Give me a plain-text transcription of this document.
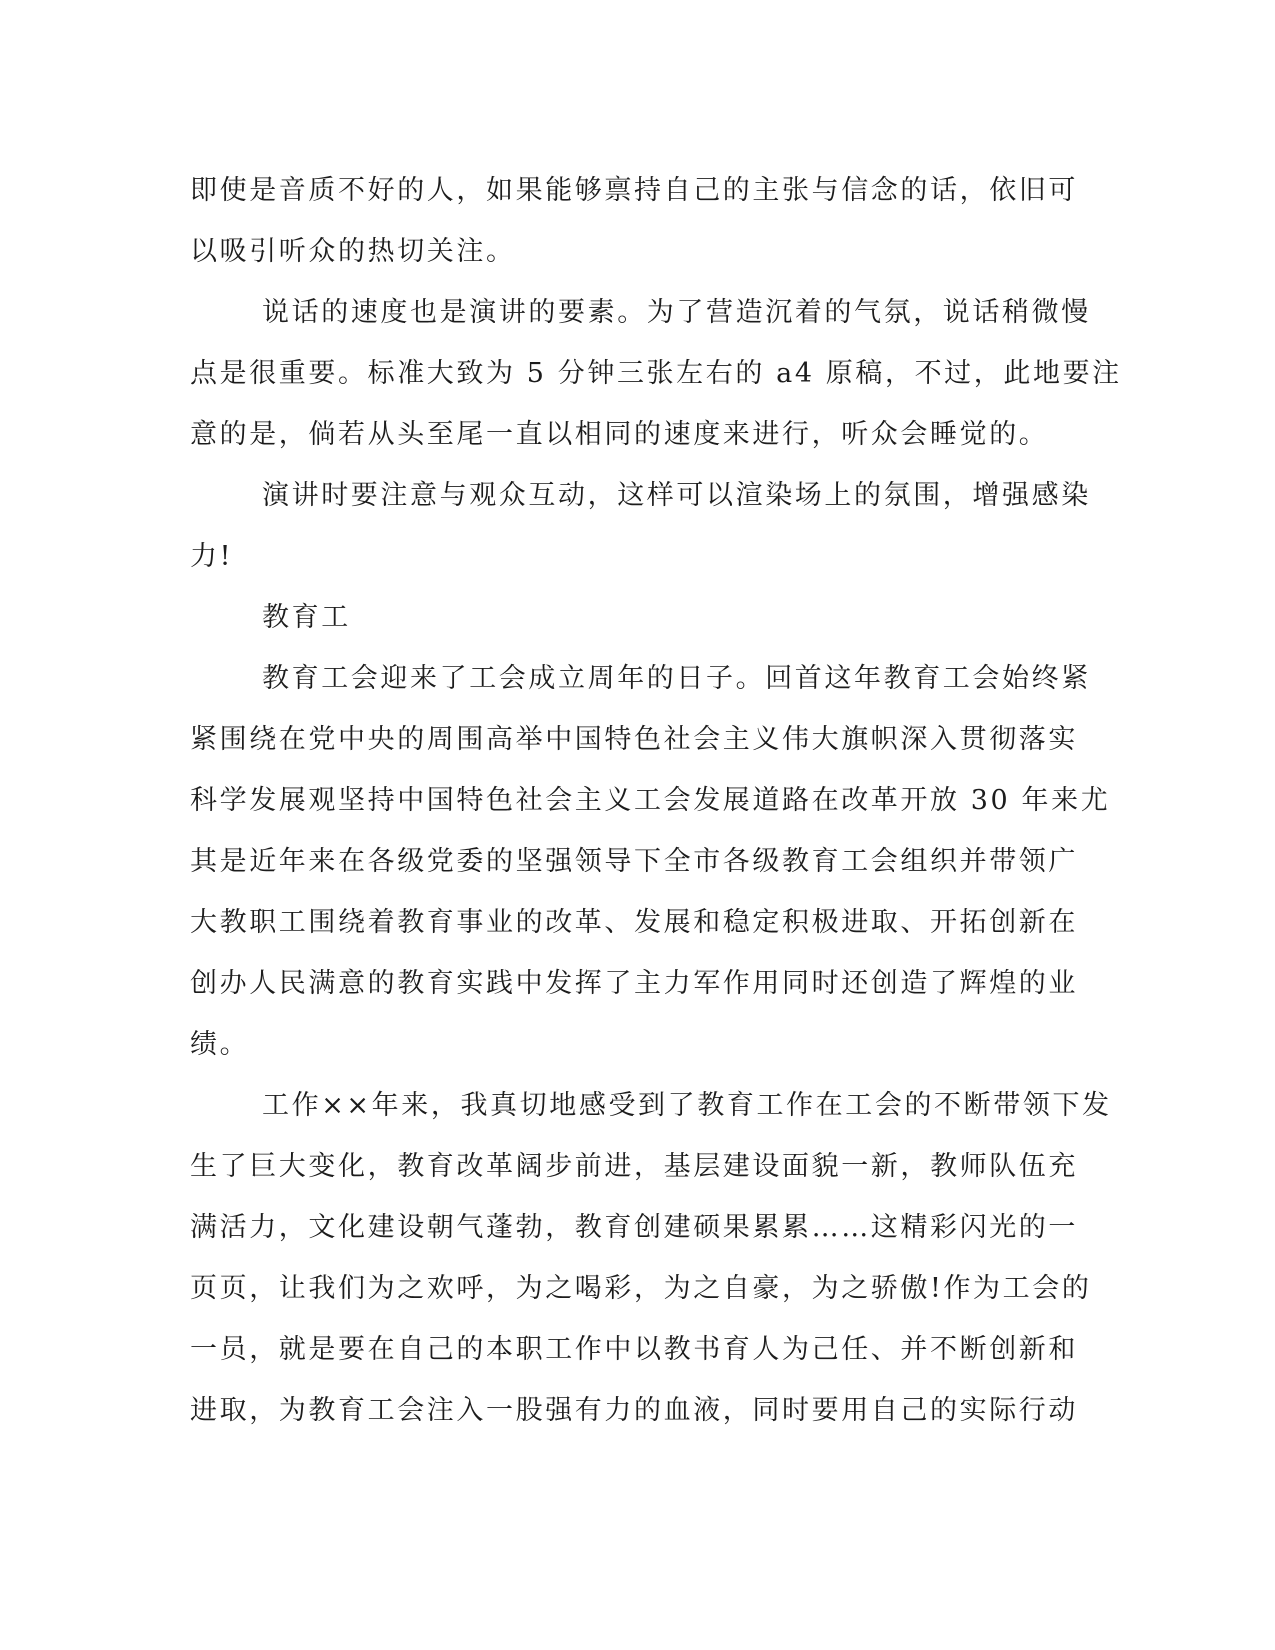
即使是音质不好的人，如果能够禀持自己的主张与信念的话，依旧可
以吸引听众的热切关注。
说话的速度也是演讲的要素。为了营造沉着的气氛，说话稍微慢
点是很重要。标准大致为 5 分钟三张左右的 a4 原稿，不过，此地要注
意的是，倘若从头至尾一直以相同的速度来进行，听众会睡觉的。
演讲时要注意与观众互动，这样可以渲染场上的氛围，增强感染
力!
教育工
教育工会迎来了工会成立周年的日子。回首这年教育工会始终紧
紧围绕在党中央的周围高举中国特色社会主义伟大旗帜深入贯彻落实
科学发展观坚持中国特色社会主义工会发展道路在改革开放 30 年来尤
其是近年来在各级党委的坚强领导下全市各级教育工会组织并带领广
大教职工围绕着教育事业的改革、发展和稳定积极进取、开拓创新在
创办人民满意的教育实践中发挥了主力军作用同时还创造了辉煌的业
绩。
工作××年来，我真切地感受到了教育工作在工会的不断带领下发
生了巨大变化，教育改革阔步前进，基层建设面貌一新，教师队伍充
满活力，文化建设朝气蓬勃，教育创建硕果累累……这精彩闪光的一
页页，让我们为之欢呼，为之喝彩，为之自豪，为之骄傲!作为工会的
一员，就是要在自己的本职工作中以教书育人为己任、并不断创新和
进取，为教育工会注入一股强有力的血液，同时要用自己的实际行动
